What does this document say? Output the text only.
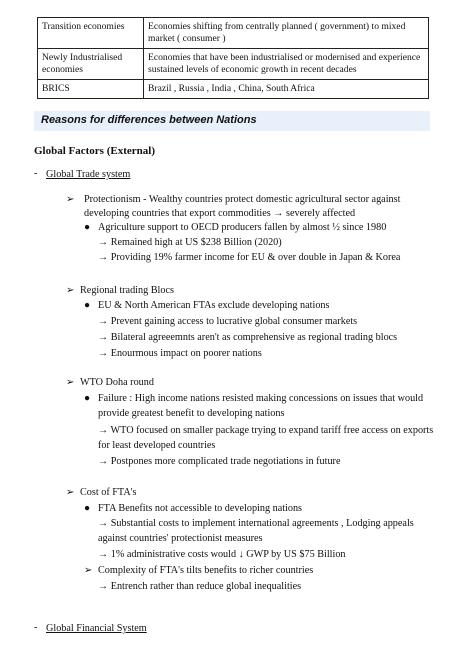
Transition economies	Economies shifting from centrally planned ( government) to mixed market ( consumer )
Newly Industrialised economies	Economies that have been industrialised or modernised and experience sustained levels of economic growth in recent decades
BRICS	Brazil , Russia , India , China, South Africa
Reasons for differences between Nations
Global Factors (External)
- Global Trade system
➢ Protectionism - Wealthy countries protect domestic agricultural sector against
developing countries that export commodities → severely affected
● Agriculture support to OECD producers fallen by almost ½ since 1980
→ Remained high at US $238 Billion (2020)
→ Providing 19% farmer income for EU & over double in Japan & Korea
➢ Regional trading Blocs
● EU & North American FTAs exclude developing nations
→ Prevent gaining access to lucrative global consumer markets
→ Bilateral agreeemnts aren't as comprehensive as regional trading blocs
→ Enourmous impact on poorer nations
➢ WTO Doha round
● Failure : High income nations resisted making concessions on issues that would
provide greatest benefit to developing nations
→ WTO focused on smaller package trying to expand tariff free access on exports
for least developed countries
→ Postpones more complicated trade negotiations in future
➢ Cost of FTA's
● FTA Benefits not accessible to developing nations
→ Substantial costs to implement international agreements , Lodging appeals
against countries' protectionist measures
→ 1% administrative costs would ↓ GWP by US $75 Billion
➢ Complexity of FTA's tilts benefits to richer countries
→ Entrench rather than reduce global inequalities
- Global Financial System
